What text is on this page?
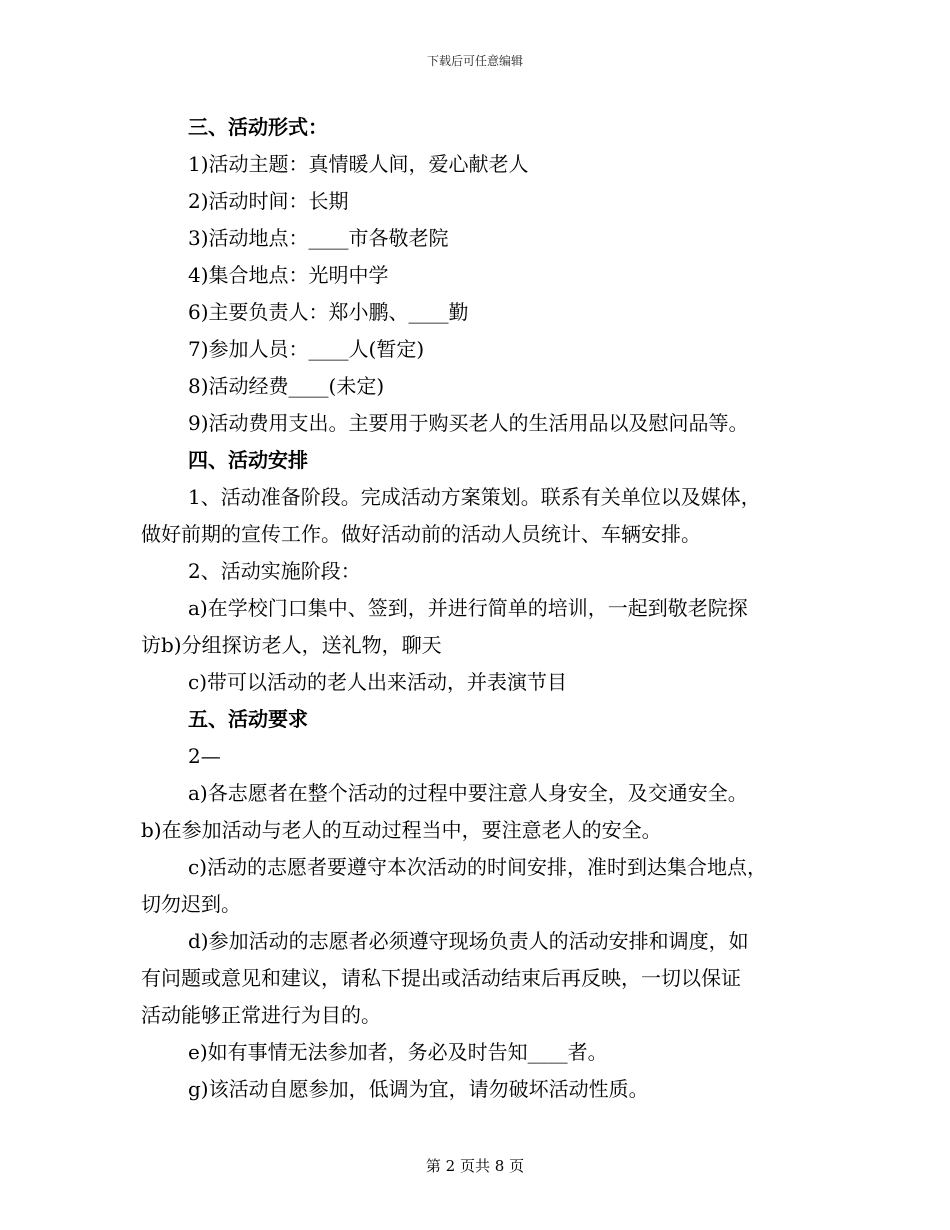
下载后可任意编辑
三、活动形式：
1)活动主题：真情暖人间，爱心献老人
2)活动时间：长期
3)活动地点：____市各敬老院
4)集合地点：光明中学
6)主要负责人：郑小鹏、____勤
7)参加人员：____人(暂定)
8)活动经费____(未定)
9)活动费用支出。主要用于购买老人的生活用品以及慰问品等。
四、活动安排
1、活动准备阶段。完成活动方案策划。联系有关单位以及媒体，
做好前期的宣传工作。做好活动前的活动人员统计、车辆安排。
2、活动实施阶段：
a)在学校门口集中、签到，并进行简单的培训，一起到敬老院探
访b)分组探访老人，送礼物，聊天
c)带可以活动的老人出来活动，并表演节目
五、活动要求
2—
a)各志愿者在整个活动的过程中要注意人身安全，及交通安全。
b)在参加活动与老人的互动过程当中，要注意老人的安全。
c)活动的志愿者要遵守本次活动的时间安排，准时到达集合地点，
切勿迟到。
d)参加活动的志愿者必须遵守现场负责人的活动安排和调度，如
有问题或意见和建议，请私下提出或活动结束后再反映，一切以保证
活动能够正常进行为目的。
e)如有事情无法参加者，务必及时告知____者。
g)该活动自愿参加，低调为宜，请勿破坏活动性质。
第 2 页共 8 页
